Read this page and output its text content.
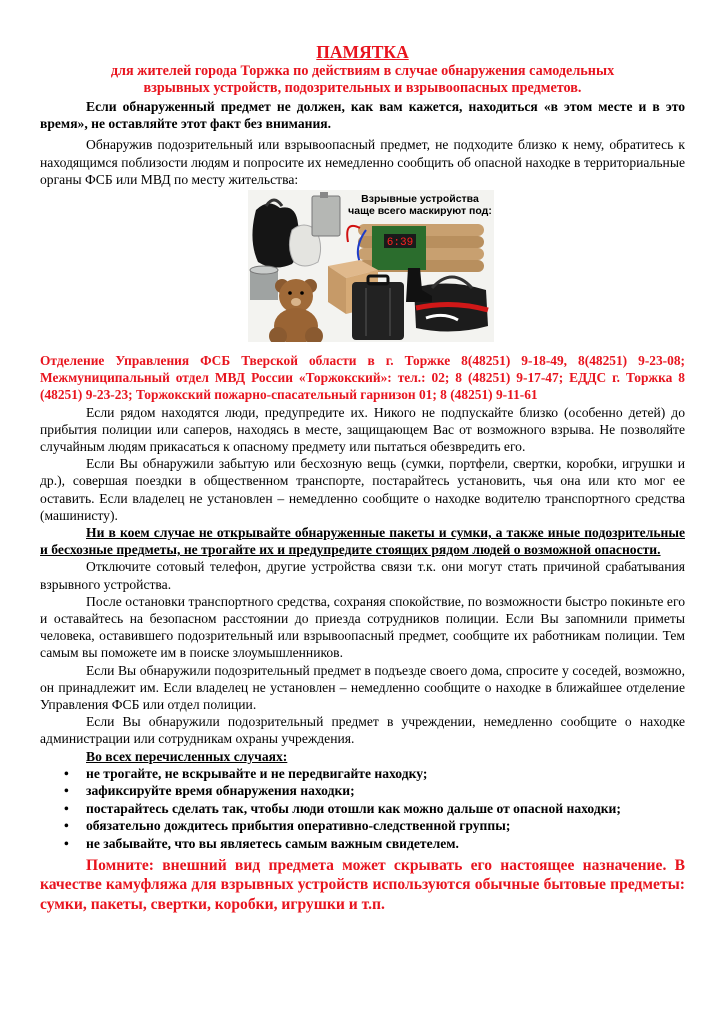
ПАМЯТКА
для жителей города Торжка по действиям в случае обнаружения самодельных
взрывных устройств, подозрительных и взрывоопасных предметов.

Если обнаруженный предмет не должен, как вам кажется, находиться «в этом месте и в это время», не оставляйте этот факт без внимания.

Обнаружив подозрительный или взрывоопасный предмет, не подходите близко к нему, обратитесь к находящимся поблизости людям и попросите их немедленно сообщить об опасной находке в территориальные органы ФСБ или МВД по месту жительства:

Взрывные устройства
чаще всего маскируют под:
6:39
Отделение Управления ФСБ Тверской области в г. Торжке 8(48251) 9-18-49, 8(48251) 9-23-08; Межмуниципальный отдел МВД России «Торжокский»: тел.: 02; 8 (48251) 9-17-47; ЕДДС г. Торжка 8 (48251) 9-23-23; Торжокский пожарно-спасательный гарнизон 01; 8 (48251) 9-11-61

Если рядом находятся люди, предупредите их. Никого не подпускайте близко (особенно детей) до прибытия полиции или саперов, находясь в месте, защищающем Вас от возможного взрыва. Не позволяйте случайным людям прикасаться к опасному предмету или пытаться обезвредить его.

Если Вы обнаружили забытую или бесхозную вещь (сумки, портфели, свертки, коробки, игрушки и др.), совершая поездки в общественном транспорте, постарайтесь установить, чья она или кто мог ее оставить. Если владелец не установлен – немедленно сообщите о находке водителю транспортного средства (машинисту).

Ни в коем случае не открывайте обнаруженные пакеты и сумки, а также иные подозрительные и бесхозные предметы, не трогайте их и предупредите стоящих рядом людей о возможной опасности.

Отключите сотовый телефон, другие устройства связи т.к. они могут стать причиной срабатывания взрывного устройства.

После остановки транспортного средства, сохраняя спокойствие, по возможности быстро покиньте его и оставайтесь на безопасном расстоянии до приезда сотрудников полиции. Если Вы запомнили приметы человека, оставившего подозрительный или взрывоопасный предмет, сообщите их работникам полиции. Тем самым вы поможете им в поиске злоумышленников.

Если Вы обнаружили подозрительный предмет в подъезде своего дома, спросите у соседей, возможно, он принадлежит им. Если владелец не установлен – немедленно сообщите о находке в ближайшее отделение Управления ФСБ или отдел полиции.

Если Вы обнаружили подозрительный предмет в учреждении, немедленно сообщите о находке администрации или сотрудникам охраны учреждения.

Во всех перечисленных случаях:

• не трогайте, не вскрывайте и не передвигайте находку;
• зафиксируйте время обнаружения находки;
• постарайтесь сделать так, чтобы люди отошли как можно дальше от опасной находки;
• обязательно дождитесь прибытия оперативно-следственной группы;
• не забывайте, что вы являетесь самым важным свидетелем.

Помните: внешний вид предмета может скрывать его настоящее назначение. В качестве камуфляжа для взрывных устройств используются обычные бытовые предметы: сумки, пакеты, свертки, коробки, игрушки и т.п.
